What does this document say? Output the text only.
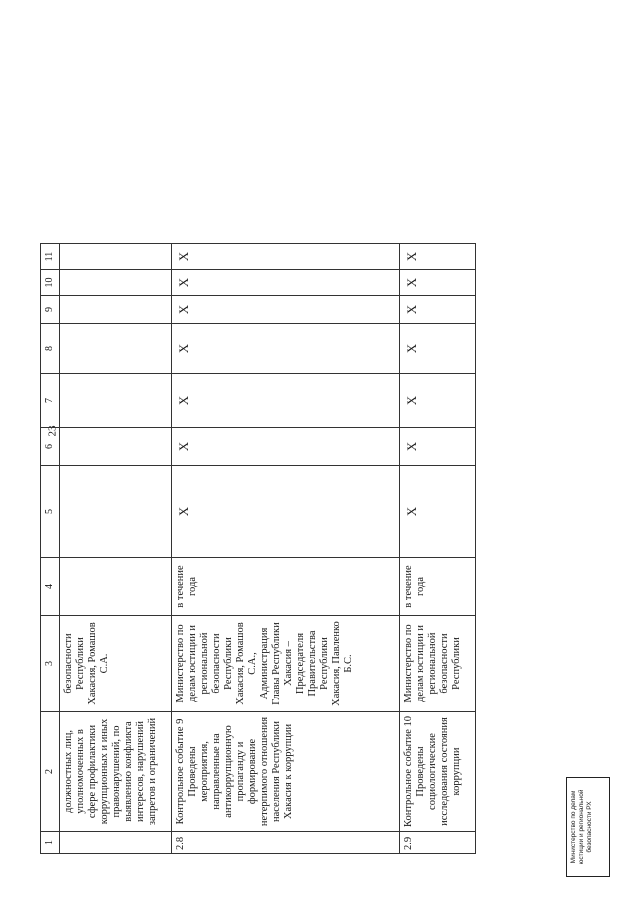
23
1	2	3	4	5	6	7	8	9	10	11
	должностных лиц, уполномоченных в сфере профилактики коррупционных и иных правонарушений, по выявлению конфликта интересов, нарушений запретов и ограничений	безопасности Республики Хакасия, Ромашов С.А.								
2.8	Контрольное событие 9 Проведены мероприятия, направленные на антикоррупционную пропаганду и формирование нетерпимого отношения населения Республики Хакасия к коррупции	Министерство по делам юстиции и региональной безопасности Республики Хакасия, Ромашов С.А., Администрация Главы Республики Хакасия – Председателя Правительства Республики Хакасия, Павленко Б.С.	в течение года	X	X	X	X	X	X	X
2.9	Контрольное событие 10 Проведены социологические исследования состояния коррупции	Министерство по делам юстиции и региональной безопасности Республики	в течение года	X	X	X	X	X	X	X
Министерство по делам юстиции и региональной безопасности РХ
